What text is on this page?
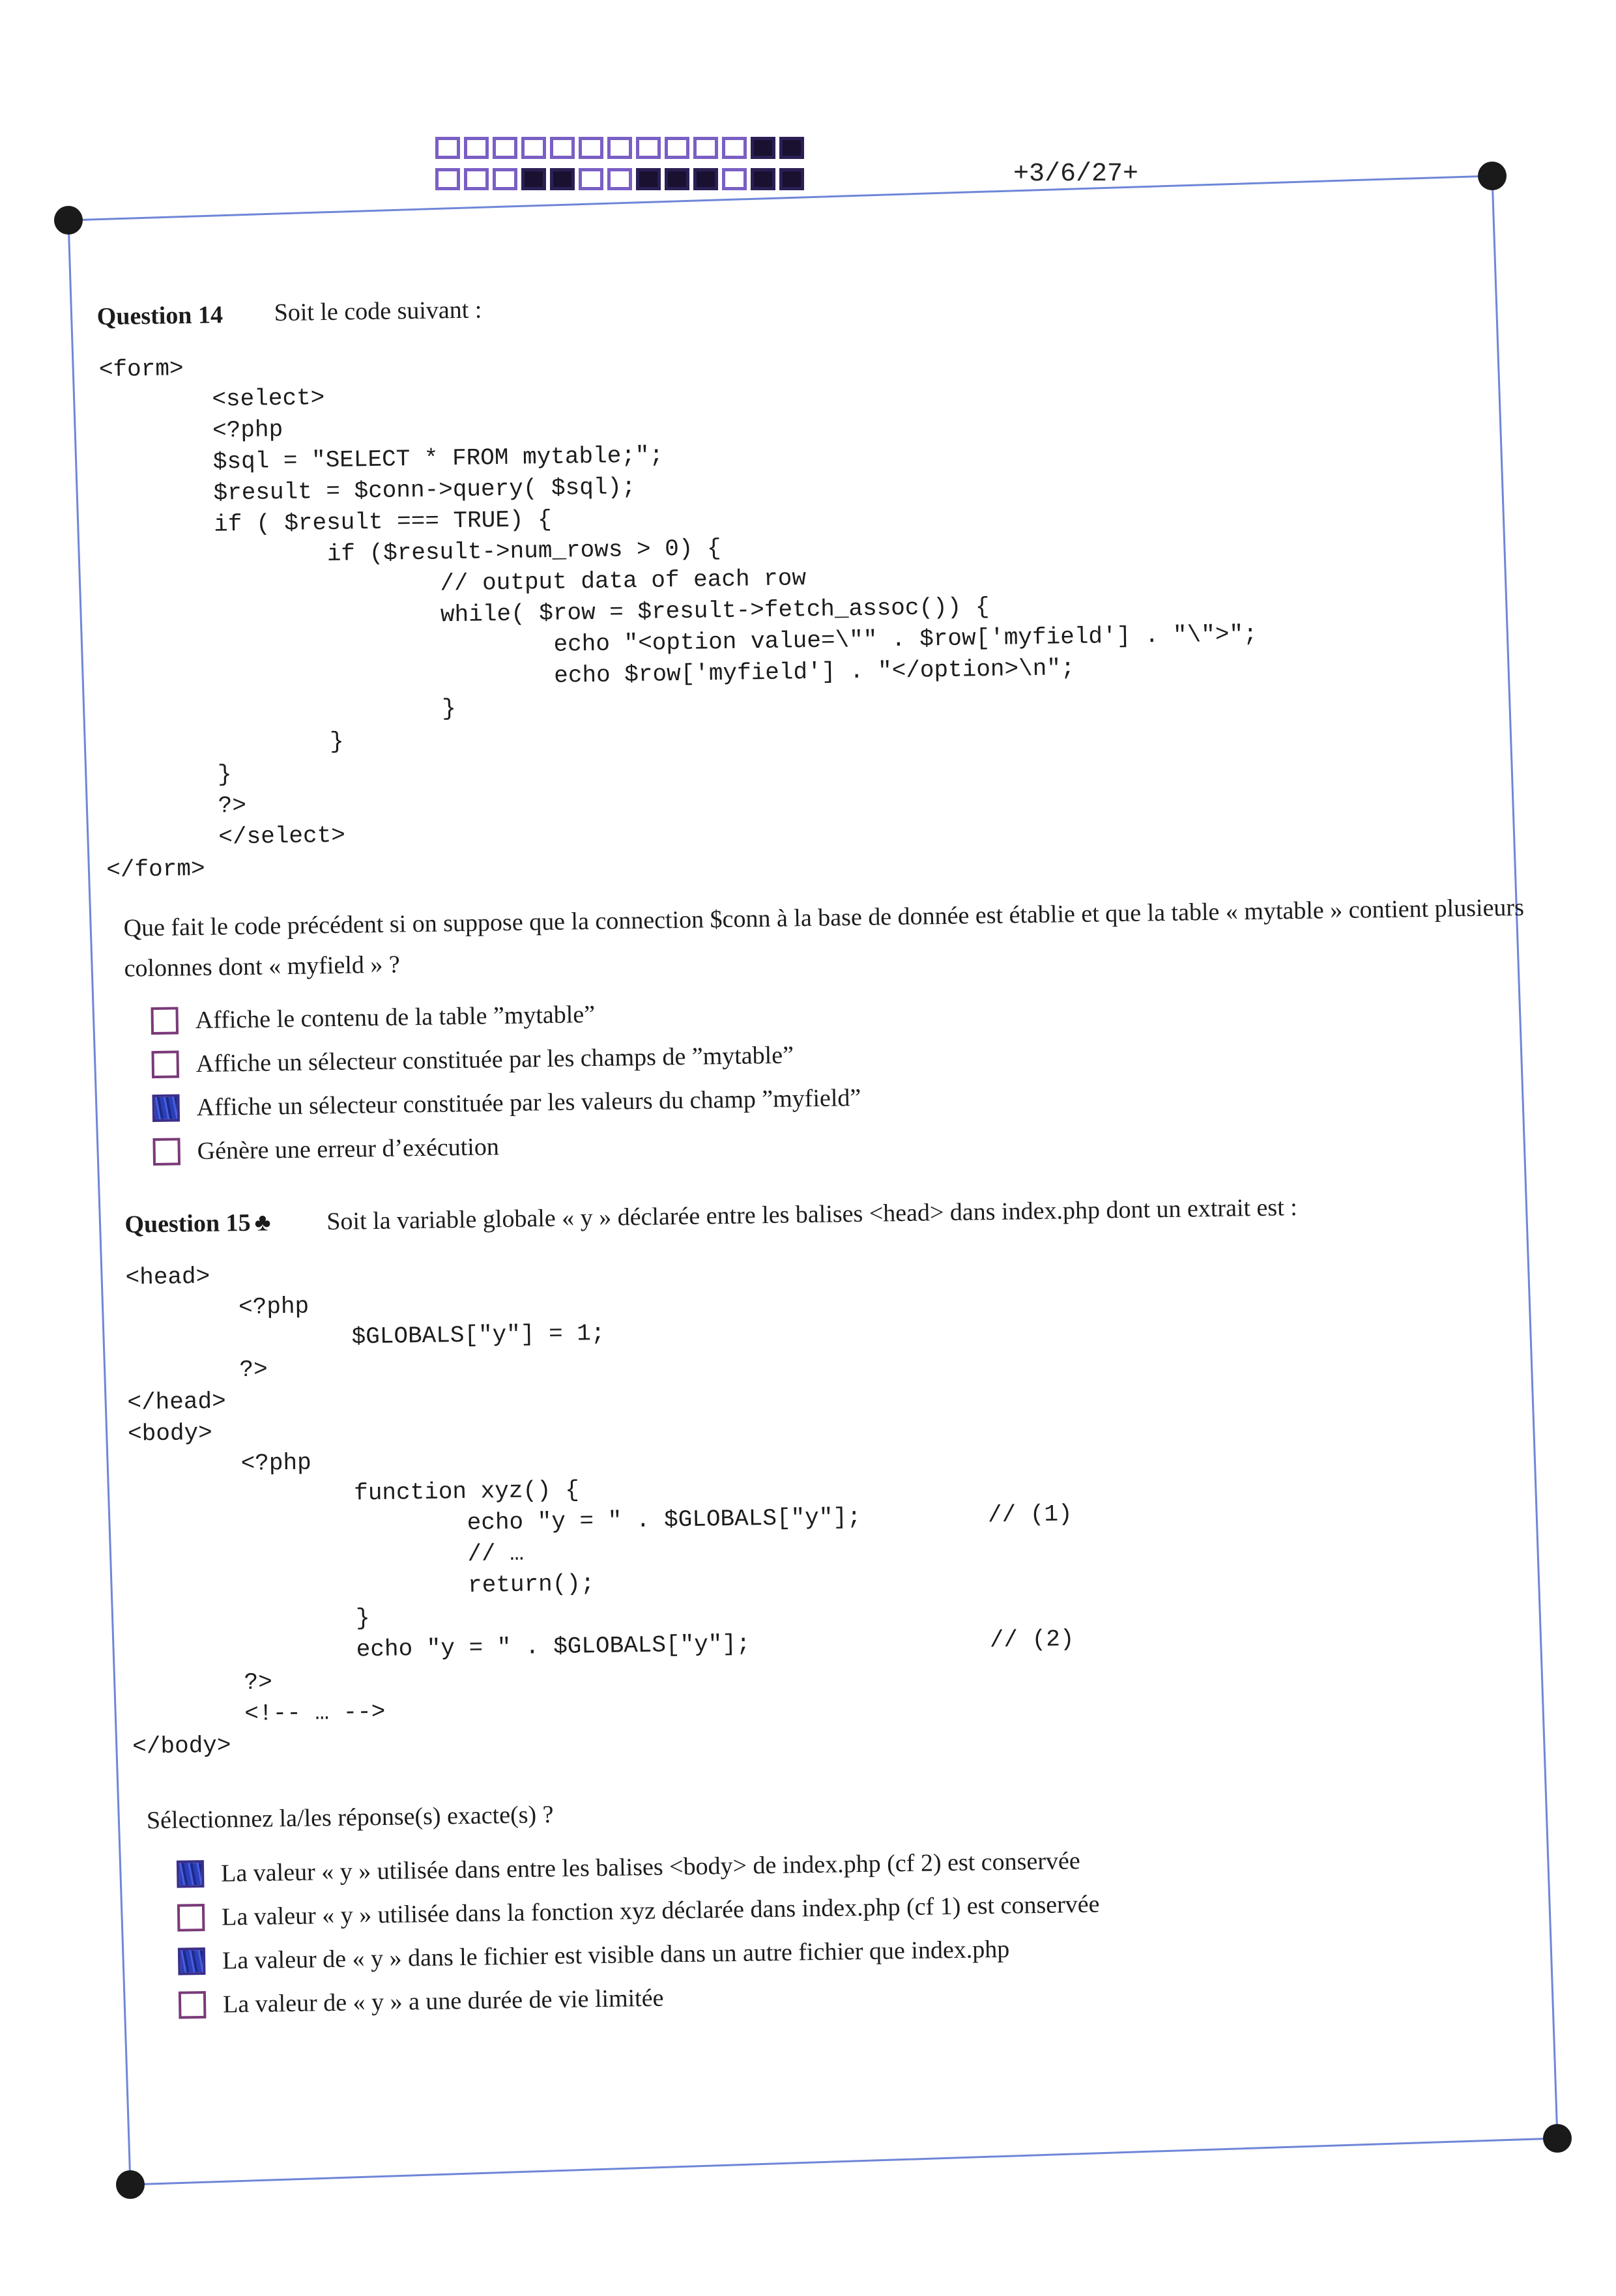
+3/6/27+
Question 14 Soit le code suivant :
<form>
<select>
<?php
$sql = "SELECT * FROM mytable;";
$result = $conn->query( $sql);
if ( $result === TRUE) {
if ($result->num_rows > 0) {
// output data of each row
while( $row = $result->fetch_assoc()) {
echo "<option value=\"" . $row['myfield'] . "\">";
echo $row['myfield'] . "</option>\n";
}
}
}
?>
</select>
</form>
Que fait le code précédent si on suppose que la connection $conn à la base de donnée est établie et que la table « mytable » contient plusieurs colonnes dont « myfield » ?
Affiche le contenu de la table ”mytable”
Affiche un sélecteur constituée par les champs de ”mytable”
Affiche un sélecteur constituée par les valeurs du champ ”myfield”
Génère une erreur d’exécution
Question 15 ♣ Soit la variable globale « y » déclarée entre les balises <head> dans index.php dont un extrait est :
<head>
<?php
$GLOBALS["y"] = 1;
?>
</head>
<body>
<?php
function xyz() {
echo "y = " . $GLOBALS["y"];         // (1)
// …
return();
}
echo "y = " . $GLOBALS["y"];                 // (2)
?>
<!-- … -->
</body>
Sélectionnez la/les réponse(s) exacte(s) ?
La valeur « y » utilisée dans entre les balises <body> de index.php (cf 2) est conservée
La valeur « y » utilisée dans la fonction xyz déclarée dans index.php (cf 1) est conservée
La valeur de « y » dans le fichier est visible dans un autre fichier que index.php
La valeur de « y » a une durée de vie limitée
